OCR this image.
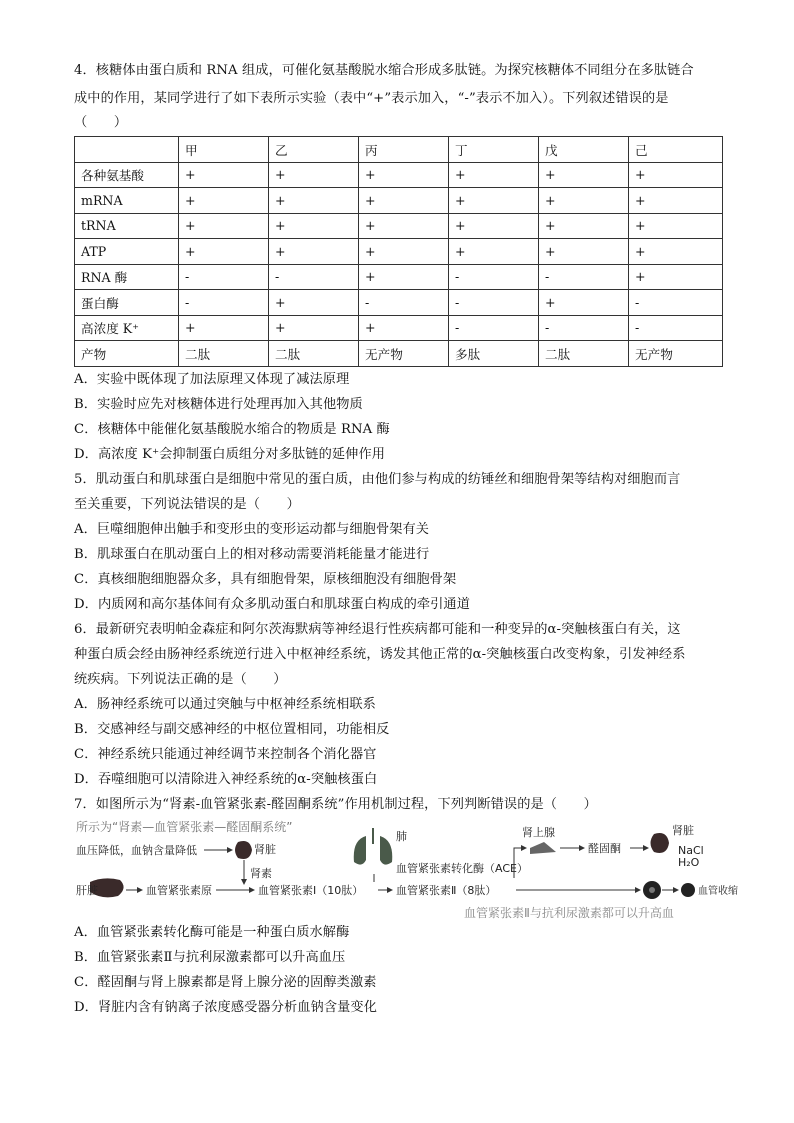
4．核糖体由蛋白质和 RNA 组成，可催化氨基酸脱水缩合形成多肽链。为探究核糖体不同组分在多肽链合
成中的作用，某同学进行了如下表所示实验（表中“+”表示加入，“-”表示不加入）。下列叙述错误的是
（　　）
	甲	乙	丙	丁	戊	己
各种氨基酸	+	+	+	+	+	+
mRNA	+	+	+	+	+	+
tRNA	+	+	+	+	+	+
ATP	+	+	+	+	+	+
RNA 酶	-	-	+	-	-	+
蛋白酶	-	+	-	-	+	-
高浓度 K⁺	+	+	+	-	-	-
产物	二肽	二肽	无产物	多肽	二肽	无产物
A．实验中既体现了加法原理又体现了减法原理
B．实验时应先对核糖体进行处理再加入其他物质
C．核糖体中能催化氨基酸脱水缩合的物质是 RNA 酶
D．高浓度 K⁺会抑制蛋白质组分对多肽链的延伸作用
5．肌动蛋白和肌球蛋白是细胞中常见的蛋白质，由他们参与构成的纺锤丝和细胞骨架等结构对细胞而言
至关重要，下列说法错误的是（　　）
A．巨噬细胞伸出触手和变形虫的变形运动都与细胞骨架有关
B．肌球蛋白在肌动蛋白上的相对移动需要消耗能量才能进行
C．真核细胞细胞器众多，具有细胞骨架，原核细胞没有细胞骨架
D．内质网和高尔基体间有众多肌动蛋白和肌球蛋白构成的牵引通道
6．最新研究表明帕金森症和阿尔茨海默病等神经退行性疾病都可能和一种变异的α-突触核蛋白有关，这
种蛋白质会经由肠神经系统逆行进入中枢神经系统，诱发其他正常的α-突触核蛋白改变构象，引发神经系
统疾病。下列说法正确的是（　　）
A．肠神经系统可以通过突触与中枢神经系统相联系
B．交感神经与副交感神经的中枢位置相同，功能相反
C．神经系统只能通过神经调节来控制各个消化器官
D．吞噬细胞可以清除进入神经系统的α-突触核蛋白
7．如图所示为“肾素-血管紧张素-醛固酮系统”作用机制过程，下列判断错误的是（　　）
所示为“肾素—血管紧张素—醛固酮系统”
血压降低，血钠含量降低	肾脏
肾素
肺
血管紧张素转化酶（ACE）
肾上腺
醛固酮
肾脏
NaCl
H₂O
肝脏	血管紧张素原	血管紧张素Ⅰ（10肽）	血管紧张素Ⅱ（8肽）	血管收缩
血管紧张素Ⅱ与抗利尿激素都可以升高血
A．血管紧张素转化酶可能是一种蛋白质水解酶
B．血管紧张素Ⅱ与抗利尿激素都可以升高血压
C．醛固酮与肾上腺素都是肾上腺分泌的固醇类激素
D．肾脏内含有钠离子浓度感受器分析血钠含量变化
